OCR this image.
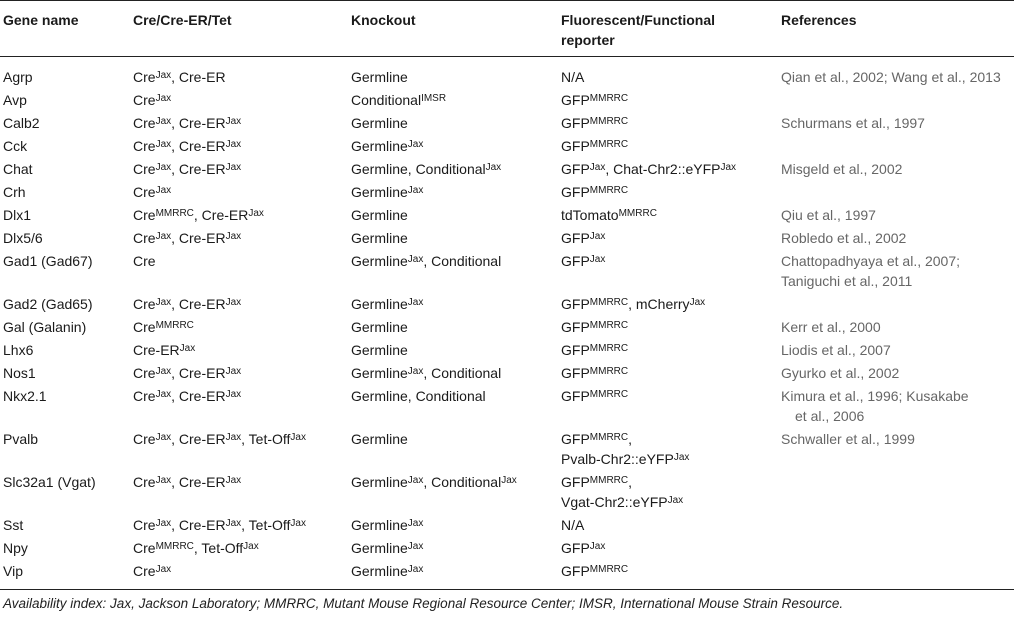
Gene name	Cre/Cre-ER/Tet	Knockout	Fluorescent/Functional
reporter	References
Agrp	Cre$^{Jax}$, Cre-ER	Germline	N/A	Qian et al., 2002; Wang et al., 2013

Avp	Cre$^{Jax}$	Conditional$^{IMSR}$	$GFP^{MMRRC}$

Calb2	Cre$^{Jax}$, Cre-$ER^{Jax}$	Germline	$GFP^{MMRRC}$	Schurmans et al., 1997

Cck	Cre$^{Jax}$, Cre-$ER^{Jax}$	Germline$^{Jax}$	$GFP^{MMRRC}$

Chat	Cre$^{Jax}$, Cre-$ER^{Jax}$	Germline, Conditional$^{Jax}$	$GFP^{Jax}$, Chat-Chr2::eYFP$^{Jax}$	Misgeld et al., 2002

Crh	Cre$^{Jax}$	Germline$^{Jax}$	$GFP^{MMRRC}$

Dlx1	Cre$^{MMRRC}$, Cre-$ER^{Jax}$	Germline	tdTomato$^{MMRRC}$	Qiu et al., 1997

Dlx5/6	Cre$^{Jax}$, Cre-$ER^{Jax}$	Germline	$GFP^{Jax}$	Robledo et al., 2002

Gad1 (Gad67)	Cre	Germline$^{Jax}$, Conditional	$GFP^{Jax}$	Chattopadhyaya et al., 2007;
Taniguchi et al., 2011

Gad2 (Gad65)	Cre$^{Jax}$, Cre-$ER^{Jax}$	Germline$^{Jax}$	$GFP^{MMRRC}$, mCherry$^{Jax}$

Gal (Galanin)	Cre$^{MMRRC}$	Germline	$GFP^{MMRRC}$	Kerr et al., 2000

Lhx6	Cre-$ER^{Jax}$	Germline	$GFP^{MMRRC}$	Liodis et al., 2007

Nos1	Cre$^{Jax}$, Cre-$ER^{Jax}$	Germline$^{Jax}$, Conditional	$GFP^{MMRRC}$	Gyurko et al., 2002

Nkx2.1	Cre$^{Jax}$, Cre-$ER^{Jax}$	Germline, Conditional	$GFP^{MMRRC}$	Kimura et al., 1996; Kusakabe
 et al., 2006

Pvalb	Cre$^{Jax}$, Cre-$ER^{Jax}$, Tet-Off$^{Jax}$	Germline	$GFP^{MMRRC}$,
Pvalb-Chr2::eYFP$^{Jax}$	Schwaller et al., 1999

Slc32a1 (Vgat)	Cre$^{Jax}$, Cre-$ER^{Jax}$	Germline$^{Jax}$, Conditional$^{Jax}$	$GFP^{MMRRC}$,
Vgat-Chr2::eYFP$^{Jax}$

Sst	Cre$^{Jax}$, Cre-$ER^{Jax}$, Tet-Off$^{Jax}$	Germline$^{Jax}$	N/A	

Npy	Cre$^{MMRRC}$, Tet-Off$^{Jax}$	Germline$^{Jax}$	$GFP^{Jax}$

Vip	Cre$^{Jax}$	Germline$^{Jax}$	$GFP^{MMRRC}$

Availability index: Jax, Jackson Laboratory; MMRRC, Mutant Mouse Regional Resource Center; IMSR, International Mouse Strain Resource.
